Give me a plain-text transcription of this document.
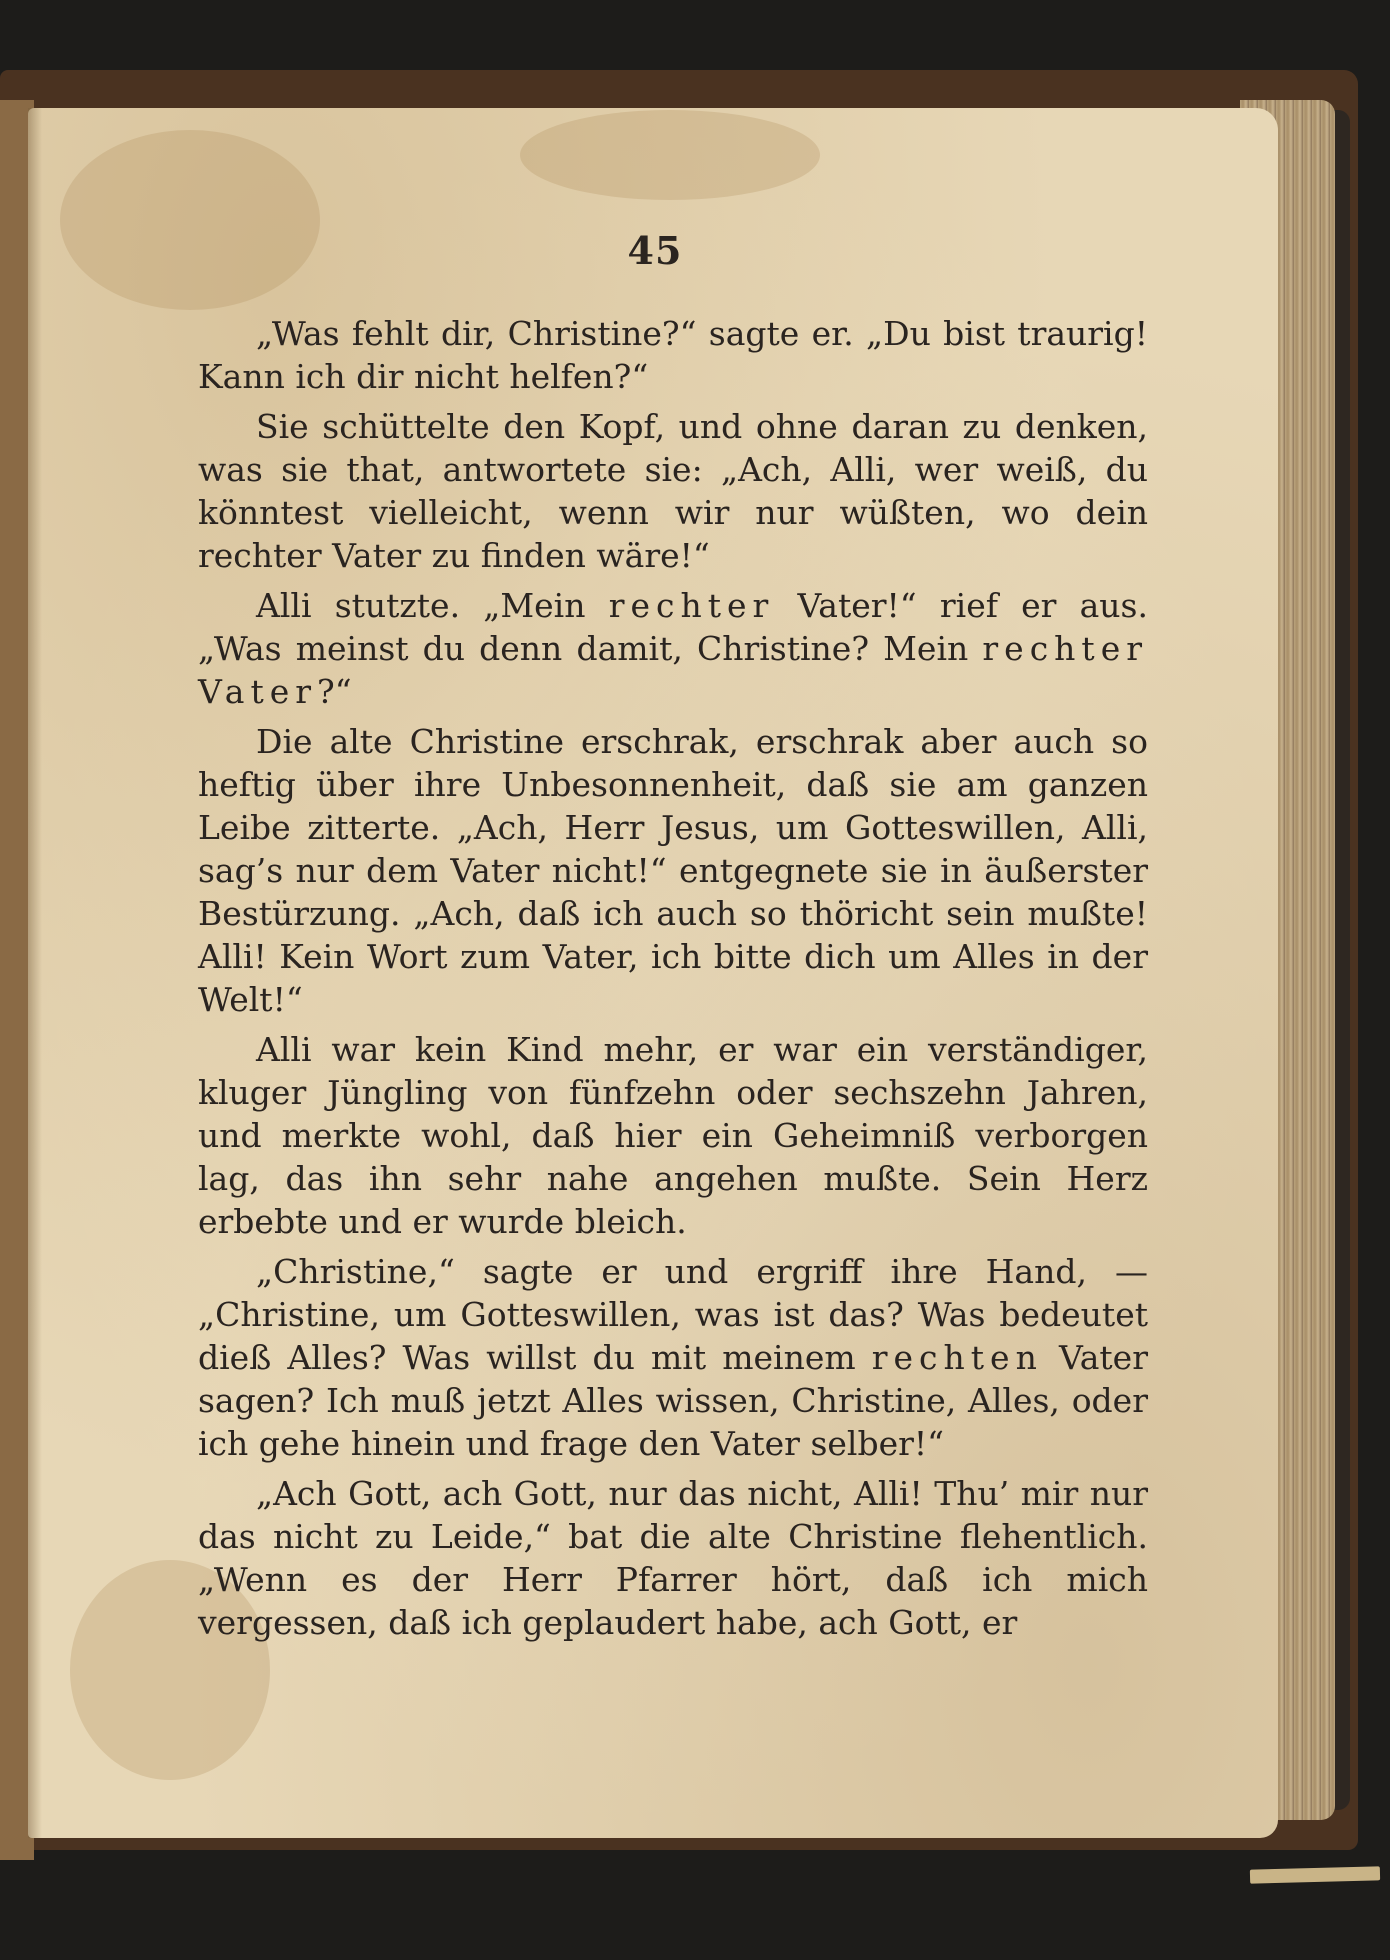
45

„Was fehlt dir, Christine?“ sagte er. „Du bist traurig! Kann ich dir nicht helfen?“

Sie schüttelte den Kopf, und ohne daran zu denken, was sie that, antwortete sie: „Ach, Alli, wer weiß, du könntest vielleicht, wenn wir nur wüßten, wo dein rechter Vater zu finden wäre!“

Alli stutzte. „Mein rechter Vater!“ rief er aus. „Was meinst du denn damit, Christine? Mein rechter Vater?“

Die alte Christine erschrak, erschrak aber auch so heftig über ihre Unbesonnenheit, daß sie am ganzen Leibe zitterte. „Ach, Herr Jesus, um Gotteswillen, Alli, sag’s nur dem Vater nicht!“ entgegnete sie in äußerster Bestürzung. „Ach, daß ich auch so thöricht sein mußte! Alli! Kein Wort zum Vater, ich bitte dich um Alles in der Welt!“

Alli war kein Kind mehr, er war ein verständiger, kluger Jüngling von fünfzehn oder sechszehn Jahren, und merkte wohl, daß hier ein Geheimniß verborgen lag, das ihn sehr nahe angehen mußte. Sein Herz erbebte und er wurde bleich.

„Christine,“ sagte er und ergriff ihre Hand, — „Christine, um Gotteswillen, was ist das? Was bedeutet dieß Alles? Was willst du mit meinem rechten Vater sagen? Ich muß jetzt Alles wissen, Christine, Alles, oder ich gehe hinein und frage den Vater selber!“

„Ach Gott, ach Gott, nur das nicht, Alli! Thu’ mir nur das nicht zu Leide,“ bat die alte Christine flehentlich. „Wenn es der Herr Pfarrer hört, daß ich mich vergessen, daß ich geplaudert habe, ach Gott, er
